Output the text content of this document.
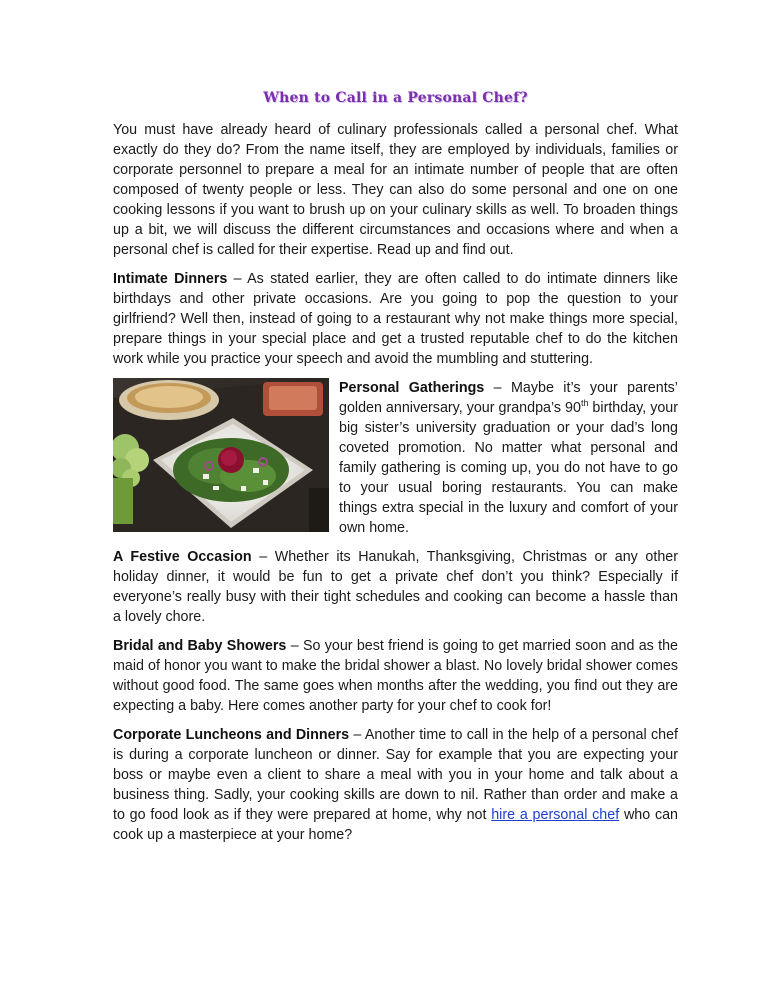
When to Call in a Personal Chef?

You must have already heard of culinary professionals called a personal chef. What exactly do they do? From the name itself, they are employed by individuals, families or corporate personnel to prepare a meal for an intimate number of people that are often composed of twenty people or less. They can also do some personal and one on one cooking lessons if you want to brush up on your culinary skills as well. To broaden things up a bit, we will discuss the different circumstances and occasions where and when a personal chef is called for their expertise. Read up and find out.

Intimate Dinners – As stated earlier, they are often called to do intimate dinners like birthdays and other private occasions. Are you going to pop the question to your girlfriend? Well then, instead of going to a restaurant why not make things more special, prepare things in your special place and get a trusted reputable chef to do the kitchen work while you practice your speech and avoid the mumbling and stuttering.

Personal Gatherings – Maybe it’s your parents’ golden anniversary, your grandpa’s 90th birthday, your big sister’s university graduation or your dad’s long coveted promotion. No matter what personal and family gathering is coming up, you do not have to go to your usual boring restaurants. You can make things extra special in the luxury and comfort of your own home.

A Festive Occasion – Whether its Hanukah, Thanksgiving, Christmas or any other holiday dinner, it would be fun to get a private chef don’t you think? Especially if everyone’s really busy with their tight schedules and cooking can become a hassle than a lovely chore.

Bridal and Baby Showers – So your best friend is going to get married soon and as the maid of honor you want to make the bridal shower a blast. No lovely bridal shower comes without good food. The same goes when months after the wedding, you find out they are expecting a baby. Here comes another party for your chef to cook for!

Corporate Luncheons and Dinners – Another time to call in the help of a personal chef is during a corporate luncheon or dinner. Say for example that you are expecting your boss or maybe even a client to share a meal with you in your home and talk about a business thing. Sadly, your cooking skills are down to nil. Rather than order and make a to go food look as if they were prepared at home, why not hire a personal chef who can cook up a masterpiece at your home?
